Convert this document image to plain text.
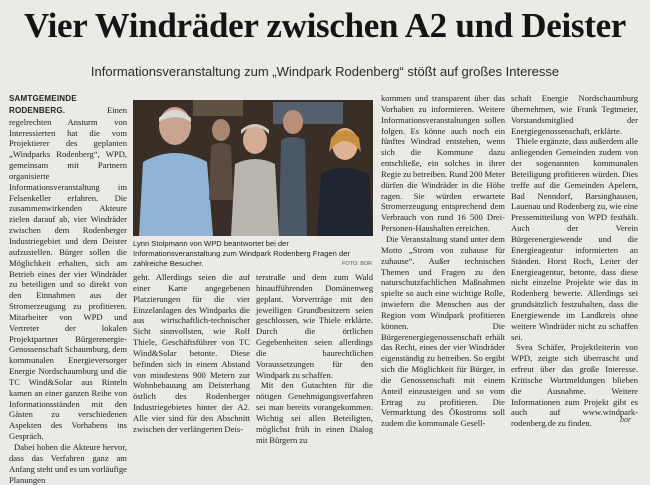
Vier Windräder zwischen A2 und Deister
Informationsveranstaltung zum „Windpark Rodenberg“ stößt auf großes Interesse

SAMTGEMEINDE RODENBERG. Einen regelrechten Ansturm von Interessierten hat die vom Projektierer des geplanten „Windparks Rodenberg“, WPD, gemeinsam mit Partnern organisierte Informationsveranstaltung im Felsenkeller erfahren. Die zusammenwirkenden Akteure zielen darauf ab, vier Windräder zwischen dem Rodenberger Industriegebiet und dem Deister aufzustellen. Bürger sollen die Möglichkeit erhalten, sich am Betrieb eines der vier Windräder zu beteiligen und so direkt von den Einnahmen aus der Stromerzeugung zu profitieren. Mitarbeiter von WPD und Vertreter der lokalen Projektpartner Bürgerenergie-Genossenschaft Schaumburg, dem kommunalen Energieversorger Energie Nordschaumburg und die TC Wind&Solar aus Rinteln kamen an einer ganzen Reihe von Informationsständen mit den Gästen zu verschiedenen Aspekten des Vorhabens ins Gespräch.

Dabei hoben die Akteure hervor, dass das Verfahren ganz am Anfang steht und es um vorläufige Planungen

Lynn Stolpmann von WPD beantwortet bei der Informationsveranstaltung zum Windpark Rodenberg Fragen der zahlreiche Besucher.	FOTO: BOR

geht. Allerdings seien die auf einer Karte angegebenen Platzierungen für die vier Einzelanlagen des Windparks die aus wirtschaftlich-technischer Sicht sinnvollsten, wie Rolf Thiele, Geschäftsführer von TC Wind&Solar betonte. Diese befinden sich in einem Abstand von mindestens 900 Metern zur Wohnbebauung am Deisterhang östlich des Rodenberger Industriegebietes hinter der A2. Alle vier sind für den Abschnitt zwischen der verlängerten Deis-

terstraße und dem zum Wald hinaufführenden Domänenweg geplant. Vorverträge mit den jeweiligen Grundbesitzern seien geschlossen, wie Thiele erklärte. Durch die örtlichen Gegebenheiten seien allerdings die baurechtlichen Voraussetzungen für den Windpark zu schaffen.

Mit den Gutachten für die nötigen Genehmigungsverfahren sei man bereits vorangekommen. Wichtig sei allen Beteiligten, möglichst früh in einen Dialog mit Bürgern zu

kommen und transparent über das Vorhaben zu informieren. Weitere Informationsveranstaltungen sollen folgen. Es könne auch noch ein fünftes Windrad entstehen, wenn sich die Kommune dazu entschließe, ein solches in ihrer Regie zu betreiben. Rund 200 Meter dürfen die Windräder in die Höhe ragen. Sie würden erwartete Stromerzeugung entsprechend dem Verbrauch von rund 16 500 Drei-Personen-Haushalten erreichen.

Die Veranstaltung stand unter dem Motto „Strom von zuhause für zuhause“. Außer technischen Themen und Fragen zu den naturschutzfachlichen Maßnahmen spielte so auch eine wichtige Rolle, inwiefern die Menschen aus der Region vom Windpark profitieren können. Die Bürgerenergiegenossenschaft erhält das Recht, eines der vier Windräder eigenständig zu betreiben. So ergibt sich die Möglichkeit für Bürger, in die Genossenschaft mit einem Anteil einzusteigen und so vom Ertrag zu profitieren. Die Vermarktung des Ökostroms soll zudem die kommunale Gesell-

schaft Energie Nordschaumburg übernehmen, wie Frank Tegtmeier, Vorstandsmitglied der Energiegenossenschaft, erklärte.

Thiele ergänzte, dass außerdem alle anliegenden Gemeinden zudem von der sogenannten kommunalen Beteiligung profitieren würden. Dies treffe auf die Gemeinden Apelern, Bad Nenndorf, Barsinghausen, Lauenau und Rodenberg zu, wie eine Pressemitteilung von WPD festhält. Auch der Verein Bürgerenergiewende und die Energieagentur informierten an Ständen. Horst Roch, Leiter der Energieagentur, betonte, dass diese nicht einzelne Projekte wie das in Rodenberg bewerte. Allerdings sei grundsätzlich festzuhalten, dass die Energiewende im Landkreis ohne weitere Windräder nicht zu schaffen sei.

Svea Schäfer, Projektleiterin von WPD, zeigte sich überrascht und erfreut über das große Interesse. Kritische Wortmeldungen blieben die Ausnahme. Weitere Informationen zum Projekt gibt es auch auf www.windpark-rodenberg.de zu finden.	bor
